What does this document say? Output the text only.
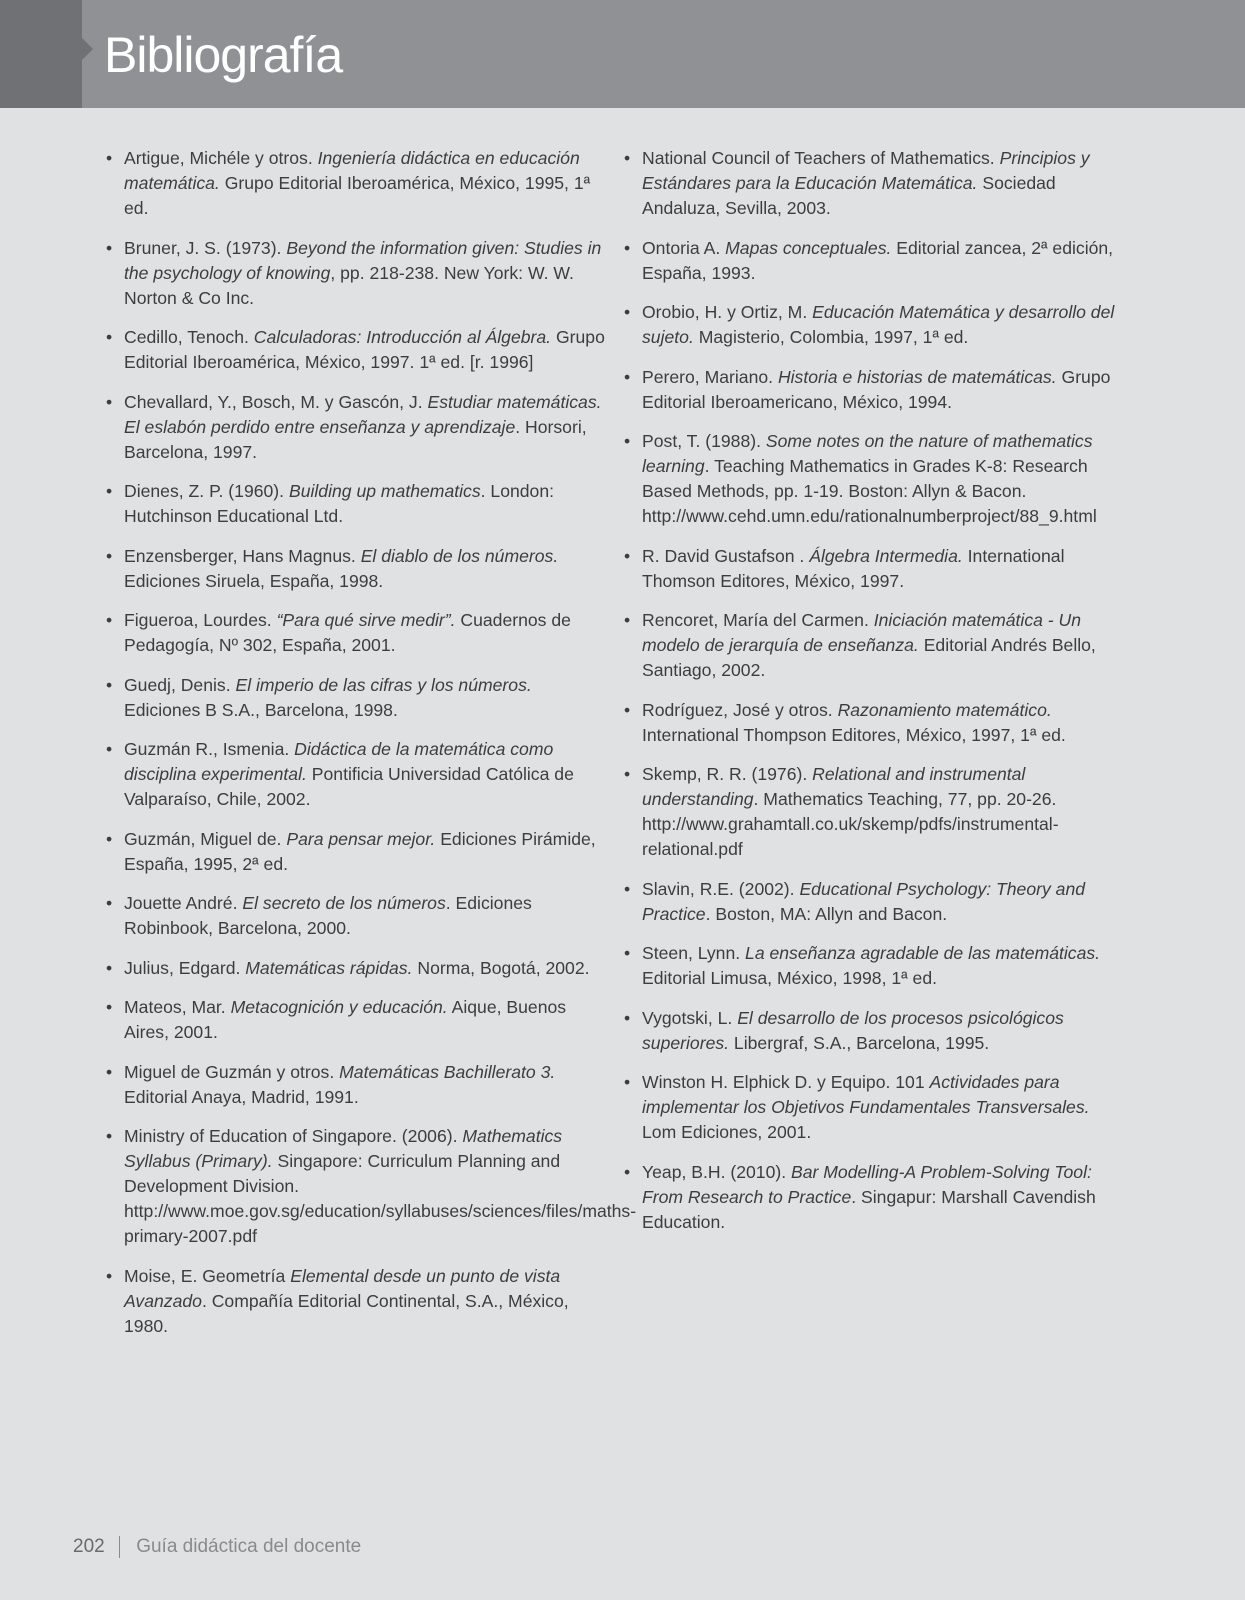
Bibliografía
• Artigue, Michéle y otros. Ingeniería didáctica en educación matemática. Grupo Editorial Iberoamérica, México, 1995, 1ª ed.
• Bruner, J. S. (1973). Beyond the information given: Studies in the psychology of knowing, pp. 218-238. New York: W. W. Norton & Co Inc.
• Cedillo, Tenoch. Calculadoras: Introducción al Álgebra. Grupo Editorial Iberoamérica, México, 1997. 1ª ed. [r. 1996]
• Chevallard, Y., Bosch, M. y Gascón, J. Estudiar matemáticas. El eslabón perdido entre enseñanza y aprendizaje. Horsori, Barcelona, 1997.
• Dienes, Z. P. (1960). Building up mathematics. London: Hutchinson Educational Ltd.
• Enzensberger, Hans Magnus. El diablo de los números. Ediciones Siruela, España, 1998.
• Figueroa, Lourdes. “Para qué sirve medir”. Cuadernos de Pedagogía, Nº 302, España, 2001.
• Guedj, Denis. El imperio de las cifras y los números. Ediciones B S.A., Barcelona, 1998.
• Guzmán R., Ismenia. Didáctica de la matemática como disciplina experimental. Pontificia Universidad Católica de Valparaíso, Chile, 2002.
• Guzmán, Miguel de. Para pensar mejor. Ediciones Pirámide, España, 1995, 2ª ed.
• Jouette André. El secreto de los números. Ediciones Robinbook, Barcelona, 2000.
• Julius, Edgard. Matemáticas rápidas. Norma, Bogotá, 2002.
• Mateos, Mar. Metacognición y educación. Aique, Buenos Aires, 2001.
• Miguel de Guzmán y otros. Matemáticas Bachillerato 3. Editorial Anaya, Madrid, 1991.
• Ministry of Education of Singapore. (2006). Mathematics Syllabus (Primary). Singapore: Curriculum Planning and Development Division. http://www.moe.gov.sg/education/syllabuses/sciences/files/maths-primary-2007.pdf
• Moise, E. Geometría Elemental desde un punto de vista Avanzado. Compañía Editorial Continental, S.A., México, 1980.
• National Council of Teachers of Mathematics. Principios y Estándares para la Educación Matemática. Sociedad Andaluza, Sevilla, 2003.
• Ontoria A. Mapas conceptuales. Editorial zancea, 2ª edición, España, 1993.
• Orobio, H. y Ortiz, M. Educación Matemática y desarrollo del sujeto. Magisterio, Colombia, 1997, 1ª ed.
• Perero, Mariano. Historia e historias de matemáticas. Grupo Editorial Iberoamericano, México, 1994.
• Post, T. (1988). Some notes on the nature of mathematics learning. Teaching Mathematics in Grades K-8: Research Based Methods, pp. 1-19. Boston: Allyn & Bacon. http://www.cehd.umn.edu/rationalnumberproject/88_9.html
• R. David Gustafson . Álgebra Intermedia. International Thomson Editores, México, 1997.
• Rencoret, María del Carmen. Iniciación matemática - Un modelo de jerarquía de enseñanza. Editorial Andrés Bello, Santiago, 2002.
• Rodríguez, José y otros. Razonamiento matemático. International Thompson Editores, México, 1997, 1ª ed.
• Skemp, R. R. (1976). Relational and instrumental understanding. Mathematics Teaching, 77, pp. 20-26. http://www.grahamtall.co.uk/skemp/pdfs/instrumental-relational.pdf
• Slavin, R.E. (2002). Educational Psychology: Theory and Practice. Boston, MA: Allyn and Bacon.
• Steen, Lynn. La enseñanza agradable de las matemáticas. Editorial Limusa, México, 1998, 1ª ed.
• Vygotski, L. El desarrollo de los procesos psicológicos superiores. Libergraf, S.A., Barcelona, 1995.
• Winston H. Elphick D. y Equipo. 101 Actividades para implementar los Objetivos Fundamentales Transversales. Lom Ediciones, 2001.
• Yeap, B.H. (2010). Bar Modelling-A Problem-Solving Tool: From Research to Practice. Singapur: Marshall Cavendish Education.
202 Guía didáctica del docente
